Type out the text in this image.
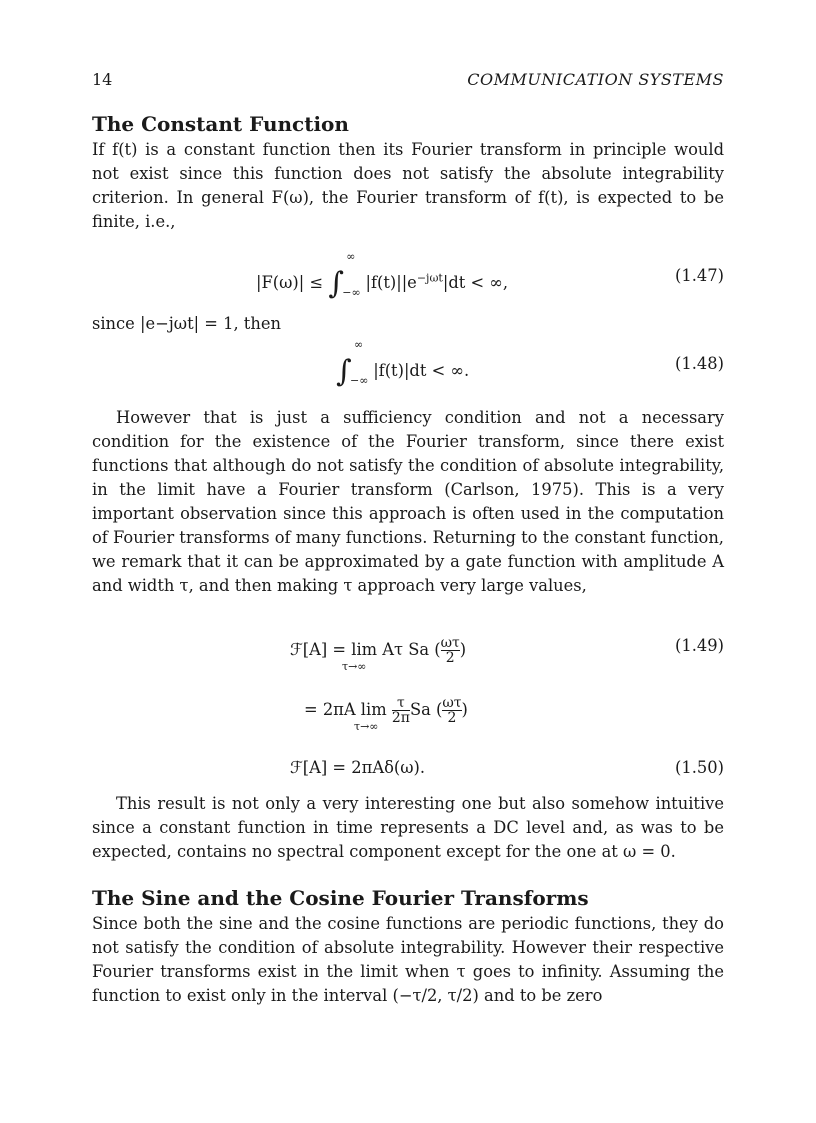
14	COMMUNICATION SYSTEMS
The Constant Function

If f(t) is a constant function then its Fourier transform in principle would not exist since this function does not satisfy the absolute integrability criterion. In general F(ω), the Fourier transform of f(t), is expected to be finite, i.e.,

|F(ω)| ≤ ∫
∞
−∞
$|f(t)||e^{-j\omega t}|dt$ < ∞,	(1.47)

since |e−jωt| = 1, then

∫
∞
−∞
|f(t)|dt < ∞.	(1.48)

However that is just a sufficiency condition and not a necessary condition for the existence of the Fourier transform, since there exist functions that although do not satisfy the condition of absolute integrability, in the limit have a Fourier transform (Carlson, 1975). This is a very important observation since this approach is often used in the computation of Fourier transforms of many functions. Returning to the constant function, we remark that it can be approximated by a gate function with amplitude A and width τ, and then making τ approach very large values,

ℱ[A] = lim
τ→∞
Aτ Sa ( $\frac{\omega\tau}{2}$ )	(1.49)
= 2πA lim
τ→∞

$\frac{\tau}{2\pi}$ Sa ( $\frac{\omega\tau}{2}$ )
ℱ[A] = 2πAδ(ω).	(1.50)

This result is not only a very interesting one but also somehow intuitive since a constant function in time represents a DC level and, as was to be expected, contains no spectral component except for the one at ω = 0.

The Sine and the Cosine Fourier Transforms

Since both the sine and the cosine functions are periodic functions, they do not satisfy the condition of absolute integrability. However their respective Fourier transforms exist in the limit when τ goes to infinity. Assuming the function to exist only in the interval (−τ/2, τ/2) and to be zero
